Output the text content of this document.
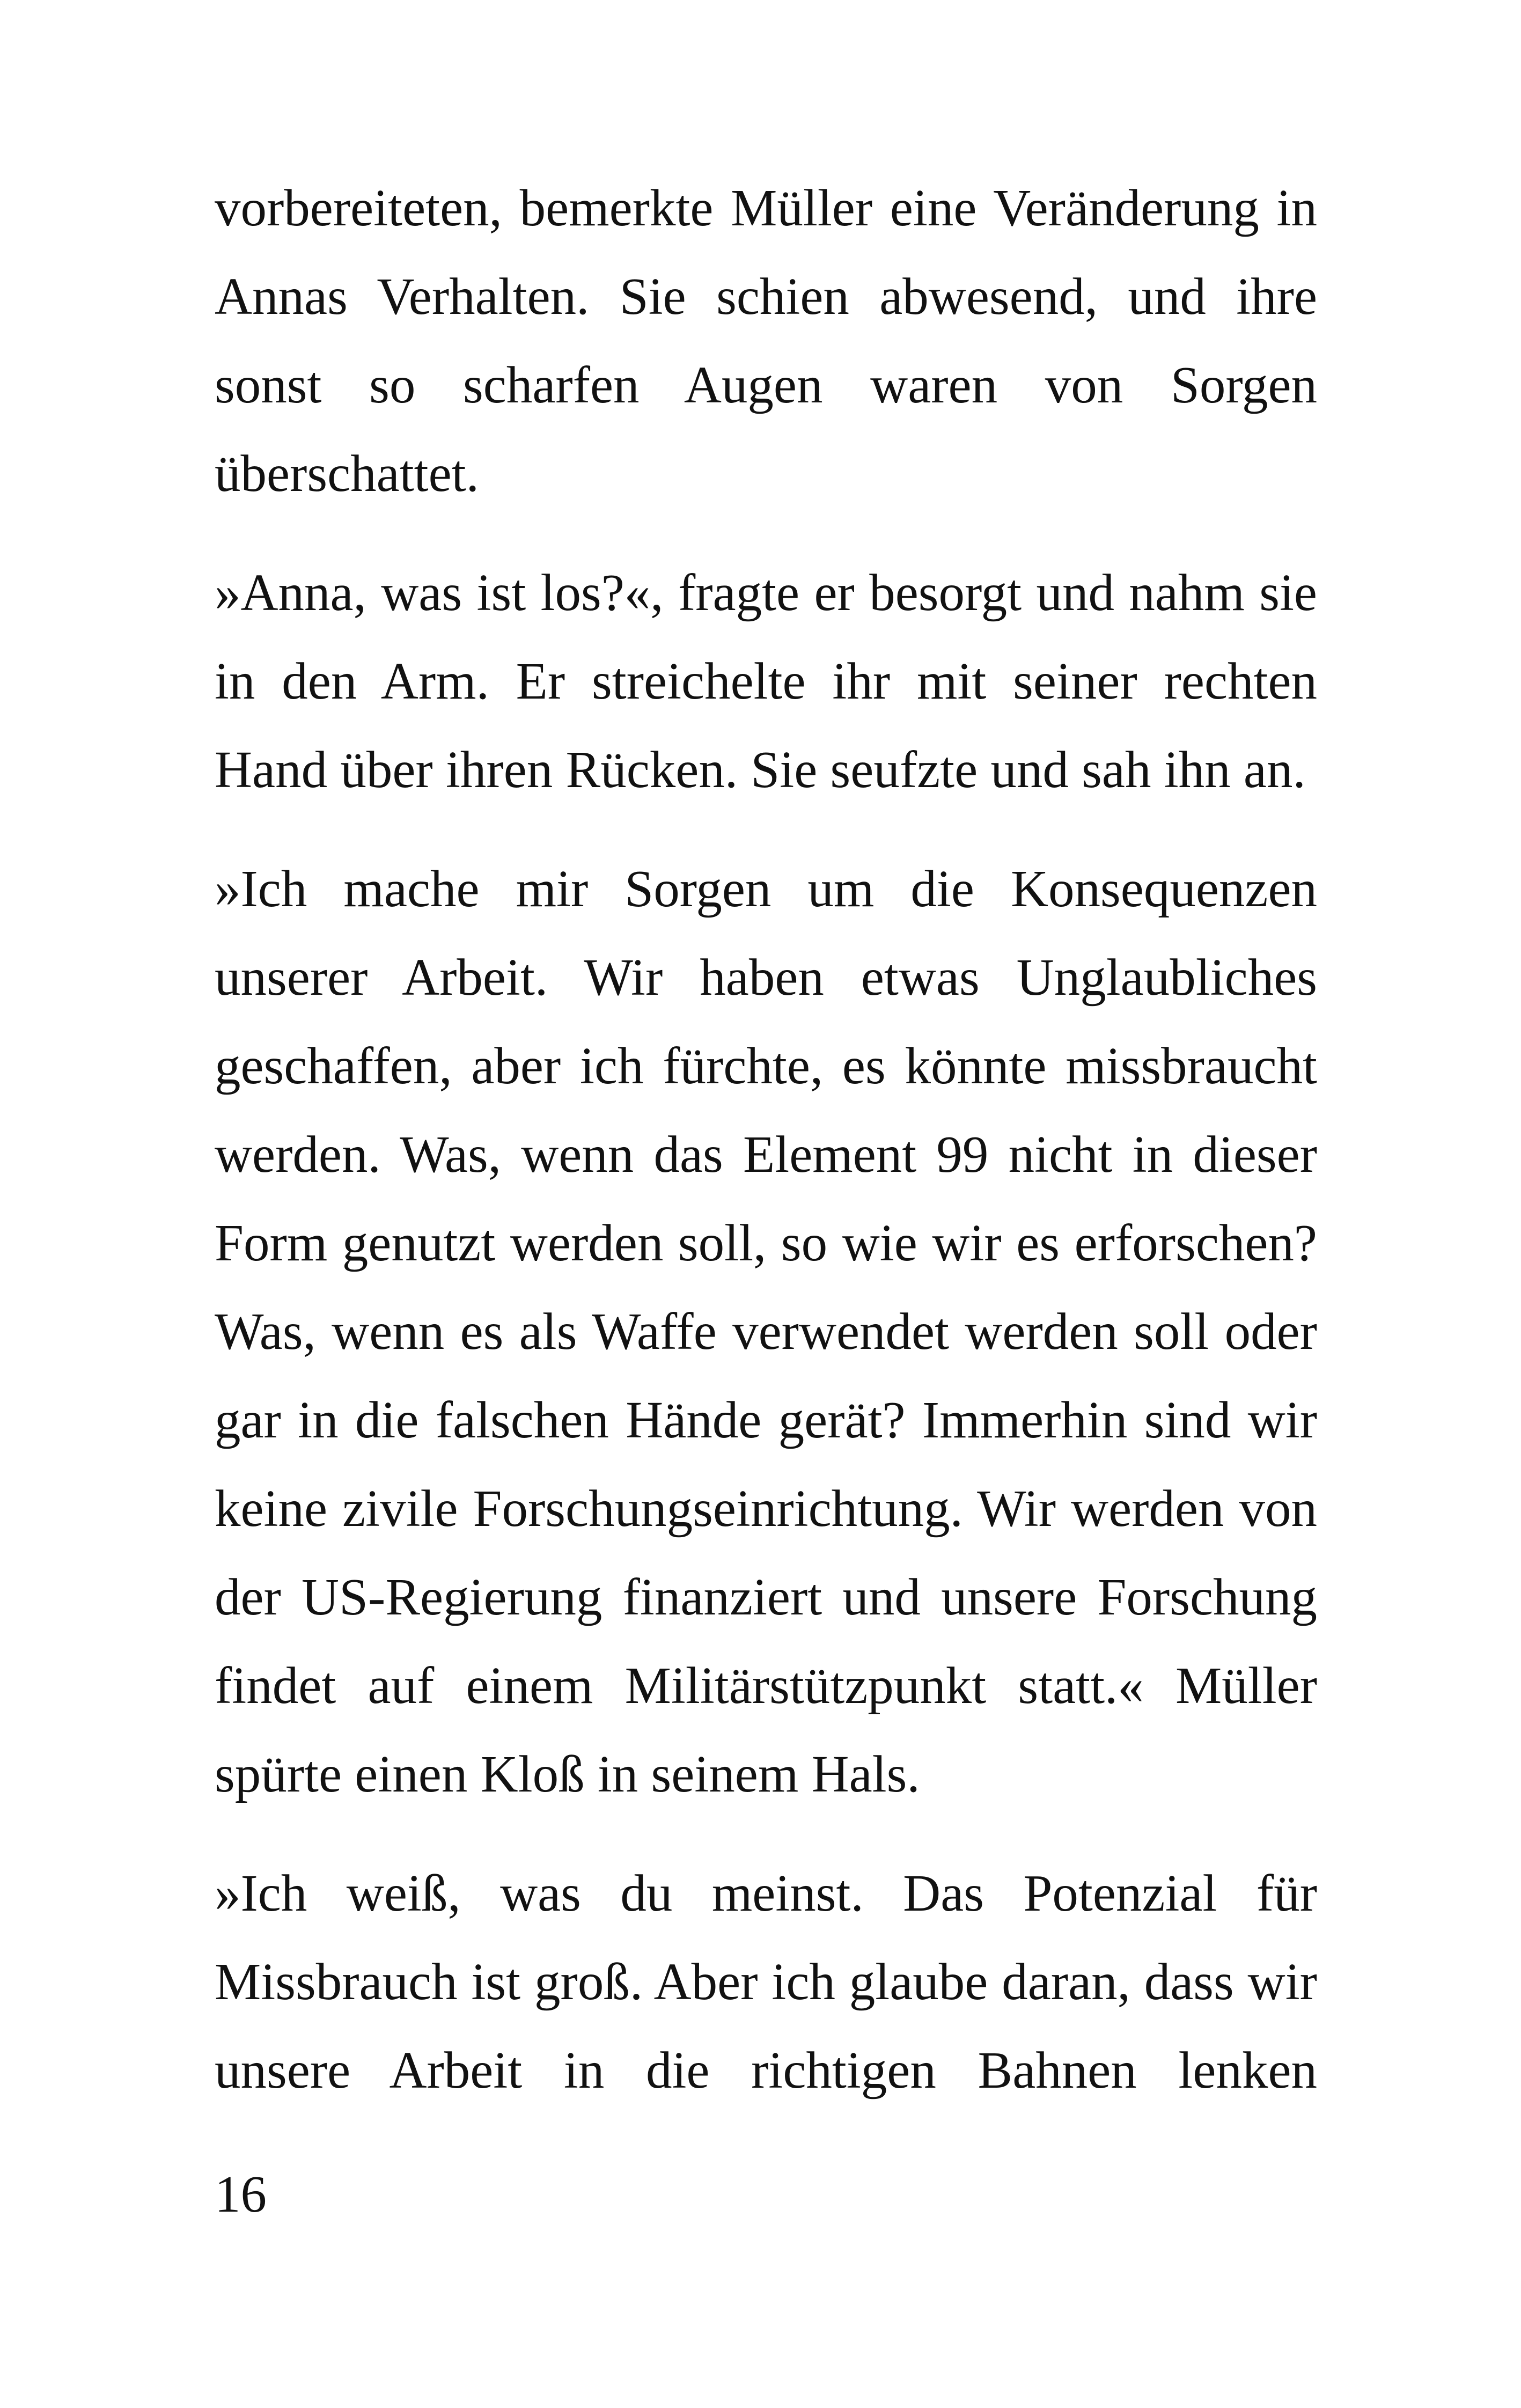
vorbereiteten, bemerkte Müller eine Veränderung in Annas Verhalten. Sie schien abwesend, und ihre sonst so scharfen Augen waren von Sorgen überschattet.

»Anna, was ist los?«, fragte er besorgt und nahm sie in den Arm. Er streichelte ihr mit seiner rechten Hand über ihren Rücken. Sie seufzte und sah ihn an.

»Ich mache mir Sorgen um die Konsequenzen unserer Arbeit. Wir haben etwas Unglaubliches geschaffen, aber ich fürchte, es könnte missbraucht werden. Was, wenn das Element 99 nicht in dieser Form genutzt werden soll, so wie wir es erforschen? Was, wenn es als Waffe verwendet werden soll oder gar in die falschen Hände gerät? Immerhin sind wir keine zivile Forschungseinrichtung. Wir werden von der US-Regierung finanziert und unsere Forschung findet auf einem Militärstützpunkt statt.« Müller spürte einen Kloß in seinem Hals.

»Ich weiß, was du meinst. Das Potenzial für Missbrauch ist groß. Aber ich glaube daran, dass wir unsere Arbeit in die richtigen Bahnen lenken

16
